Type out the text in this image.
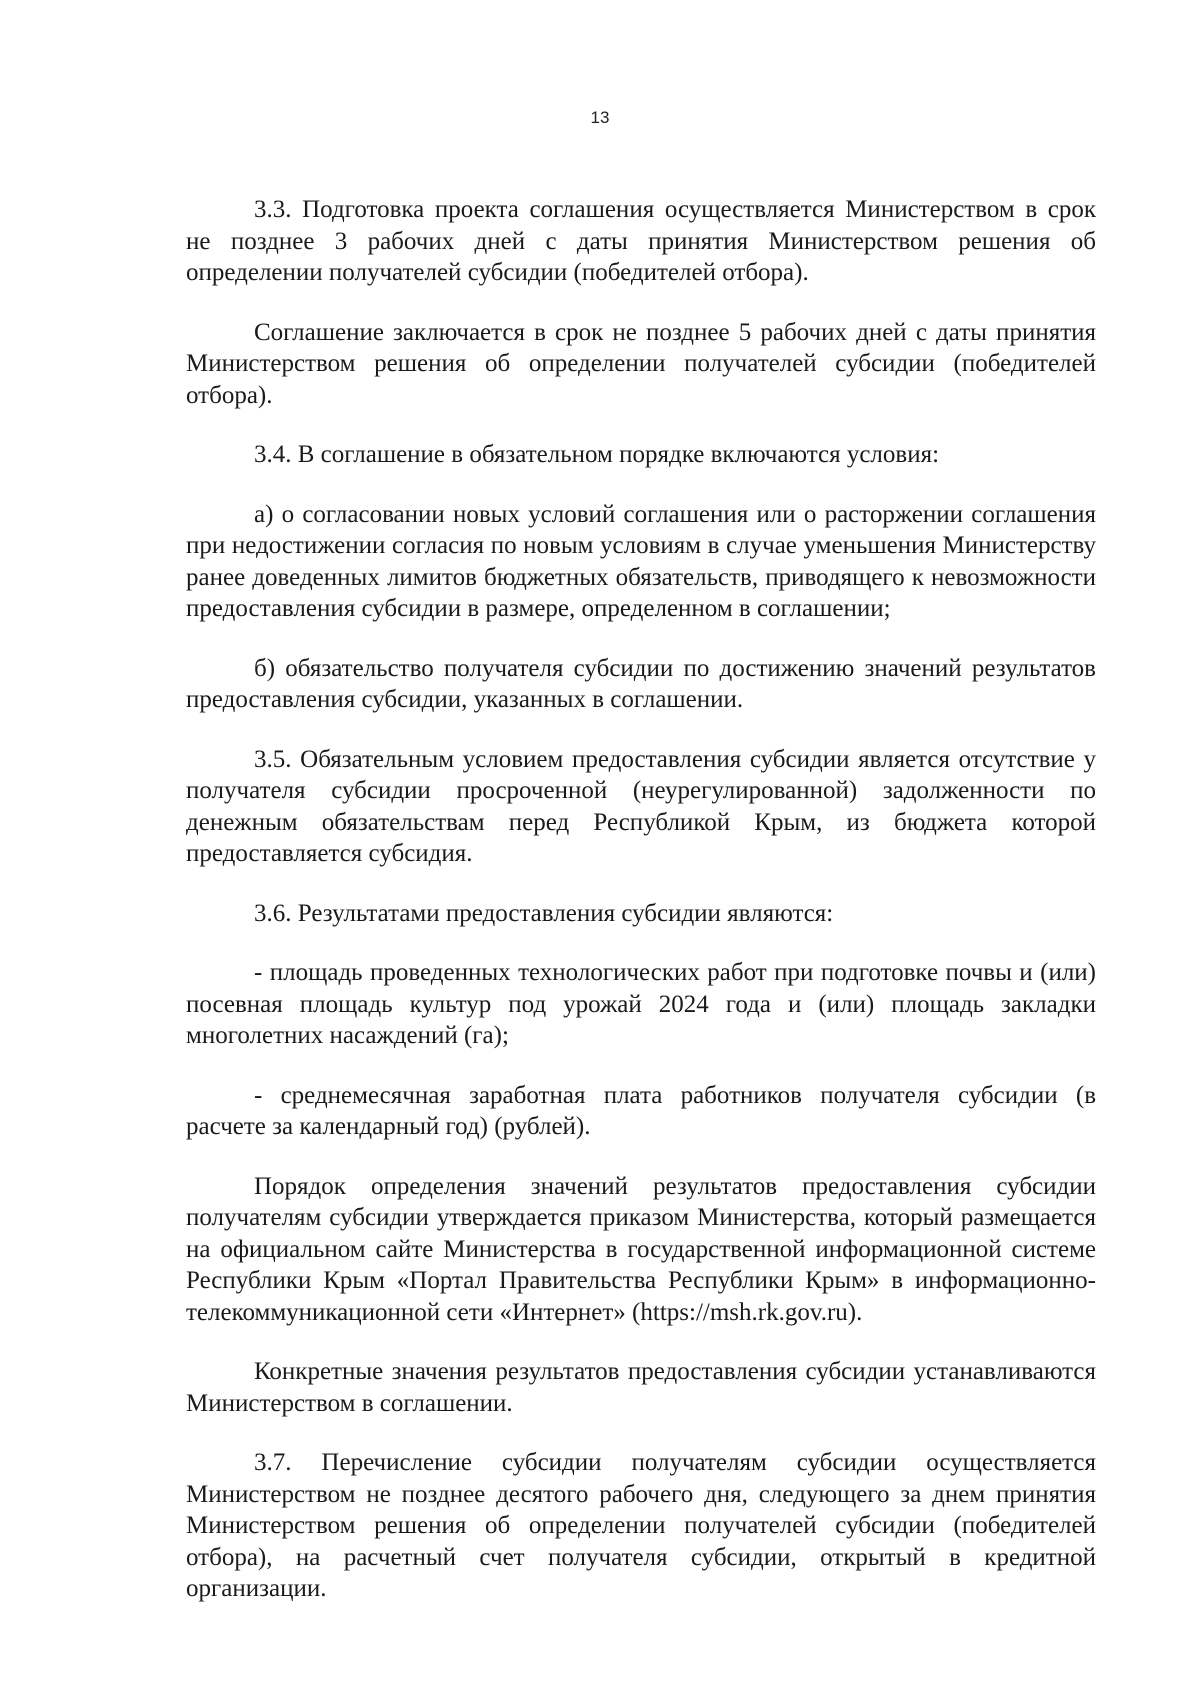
13

3.3. Подготовка проекта соглашения осуществляется Министерством в срок не позднее 3 рабочих дней с даты принятия Министерством решения об определении получателей субсидии (победителей отбора).

Соглашение заключается в срок не позднее 5 рабочих дней с даты принятия Министерством решения об определении получателей субсидии (победителей отбора).

3.4. В соглашение в обязательном порядке включаются условия:

а) о согласовании новых условий соглашения или о расторжении соглашения при недостижении согласия по новым условиям в случае уменьшения Министерству ранее доведенных лимитов бюджетных обязательств, приводящего к невозможности предоставления субсидии в размере, определенном в соглашении;

б) обязательство получателя субсидии по достижению значений результатов предоставления субсидии, указанных в соглашении.

3.5. Обязательным условием предоставления субсидии является отсутствие у получателя субсидии просроченной (неурегулированной) задолженности по денежным обязательствам перед Республикой Крым, из бюджета которой предоставляется субсидия.

3.6. Результатами предоставления субсидии являются:

- площадь проведенных технологических работ при подготовке почвы и (или) посевная площадь культур под урожай 2024 года и (или) площадь закладки многолетних насаждений (га);

- среднемесячная заработная плата работников получателя субсидии (в расчете за календарный год) (рублей).

Порядок определения значений результатов предоставления субсидии получателям субсидии утверждается приказом Министерства, который размещается на официальном сайте Министерства в государственной информационной системе Республики Крым «Портал Правительства Республики Крым» в информационно-телекоммуникационной сети «Интернет» (https://msh.rk.gov.ru).

Конкретные значения результатов предоставления субсидии устанавливаются Министерством в соглашении.

3.7. Перечисление субсидии получателям субсидии осуществляется Министерством не позднее десятого рабочего дня, следующего за днем принятия Министерством решения об определении получателей субсидии (победителей отбора), на расчетный счет получателя субсидии, открытый в кредитной организации.
